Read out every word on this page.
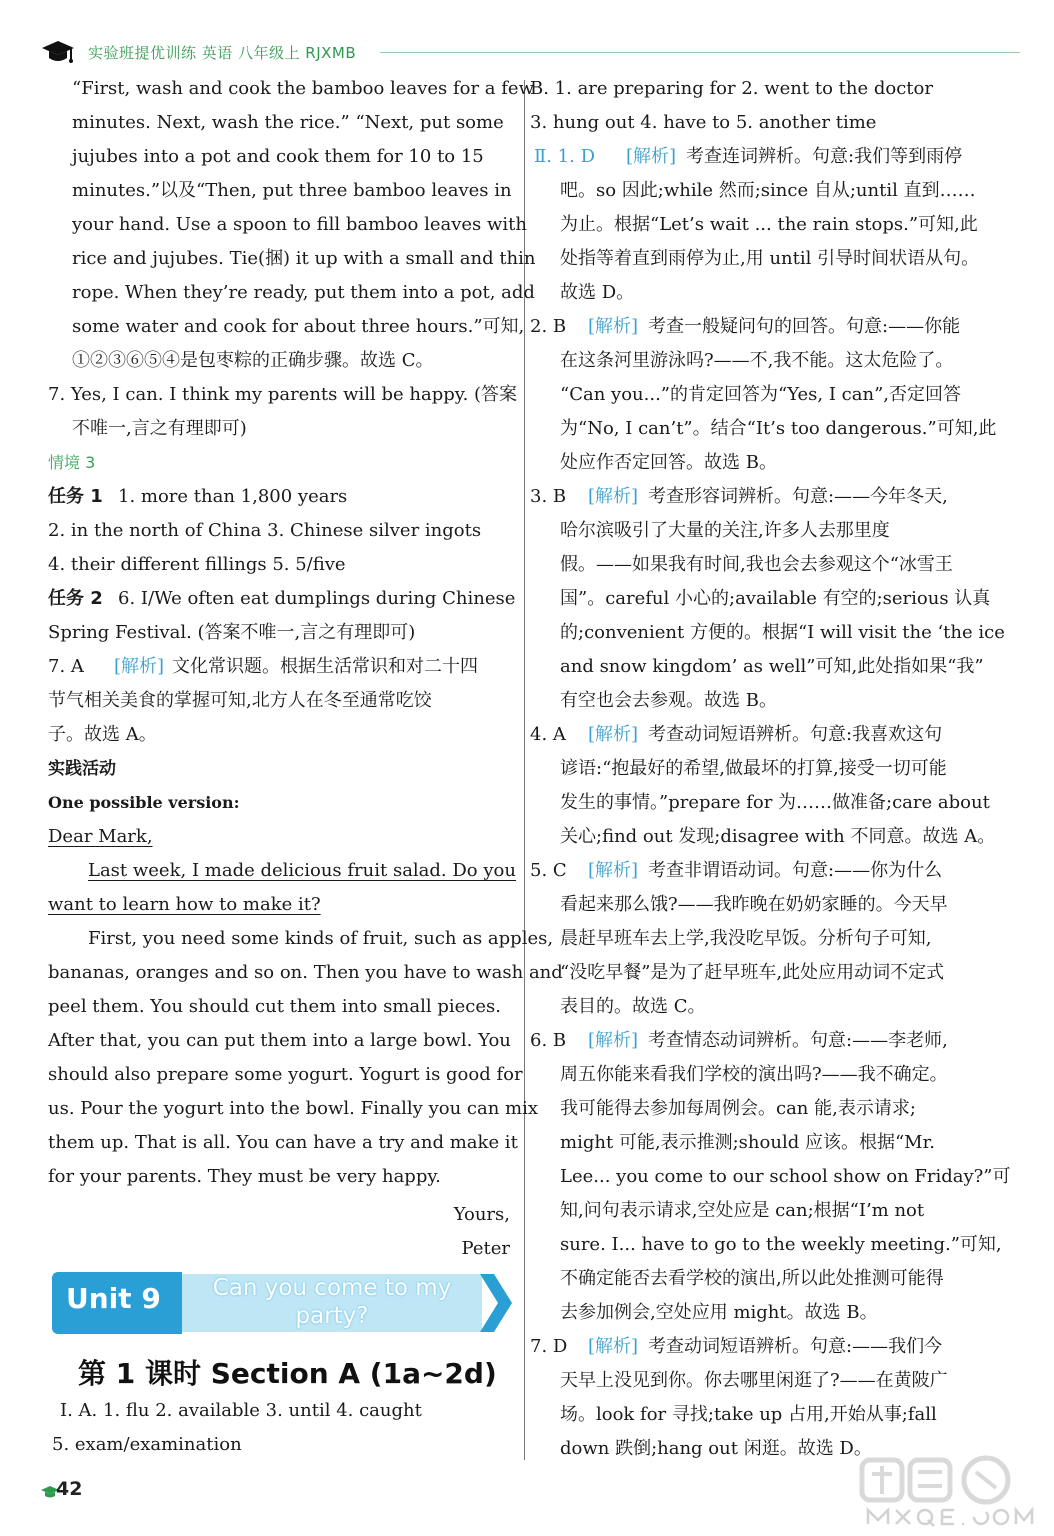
实验班提优训练 英语 八年级上 RJXMB
“First, wash and cook the bamboo leaves for a few
minutes. Next, wash the rice.” “Next, put some
jujubes into a pot and cook them for 10 to 15
minutes.”以及“Then, put three bamboo leaves in
your hand. Use a spoon to fill bamboo leaves with
rice and jujubes. Tie(捆) it up with a small and thin
rope. When they’re ready, put them into a pot, add
some water and cook for about three hours.”可知,
①②③⑥⑤④是包枣粽的正确步骤。故选 C。
7. Yes, I can. I think my parents will be happy. (答案
不唯一,言之有理即可)
情境 3
任务 1 1. more than 1,800 years
2. in the north of China 3. Chinese silver ingots
4. their different fillings 5. 5/five
任务 2 6. I/We often eat dumplings during Chinese
Spring Festival. (答案不唯一,言之有理即可)
7. A [解析] 文化常识题。根据生活常识和对二十四
节气相关美食的掌握可知,北方人在冬至通常吃饺
子。故选 A。
实践活动
One possible version:
Dear Mark,
Last week, I made delicious fruit salad. Do you
want to learn how to make it?
First, you need some kinds of fruit, such as apples,
bananas, oranges and so on. Then you have to wash and
peel them. You should cut them into small pieces.
After that, you can put them into a large bowl. You
should also prepare some yogurt. Yogurt is good for
us. Pour the yogurt into the bowl. Finally you can mix
them up. That is all. You can have a try and make it
for your parents. They must be very happy.
Yours,
Peter
Unit 9	Can you come to my party?
第 1 课时 Section A (1a~2d)
Ⅰ. A. 1. flu 2. available 3. until 4. caught
5. exam/examination
B. 1. are preparing for 2. went to the doctor
3. hung out 4. have to 5. another time
Ⅱ. 1. D [解析] 考查连词辨析。句意:我们等到雨停
吧。so 因此;while 然而;since 自从;until 直到……
为止。根据“Let’s wait ... the rain stops.”可知,此
处指等着直到雨停为止,用 until 引导时间状语从句。
故选 D。
2. B [解析] 考查一般疑问句的回答。句意:——你能
在这条河里游泳吗?——不,我不能。这太危险了。
“Can you...”的肯定回答为“Yes, I can”,否定回答
为“No, I can’t”。结合“It’s too dangerous.”可知,此
处应作否定回答。故选 B。
3. B [解析] 考查形容词辨析。句意:——今年冬天,
哈尔滨吸引了大量的关注,许多人去那里度
假。——如果我有时间,我也会去参观这个“冰雪王
国”。careful 小心的;available 有空的;serious 认真
的;convenient 方便的。根据“I will visit the ‘the ice
and snow kingdom’ as well”可知,此处指如果“我”
有空也会去参观。故选 B。
4. A [解析] 考查动词短语辨析。句意:我喜欢这句
谚语:“抱最好的希望,做最坏的打算,接受一切可能
发生的事情。”prepare for 为……做准备;care about
关心;find out 发现;disagree with 不同意。故选 A。
5. C [解析] 考查非谓语动词。句意:——你为什么
看起来那么饿?——我昨晚在奶奶家睡的。今天早
晨赶早班车去上学,我没吃早饭。分析句子可知,
“没吃早餐”是为了赶早班车,此处应用动词不定式
表目的。故选 C。
6. B [解析] 考查情态动词辨析。句意:——李老师,
周五你能来看我们学校的演出吗?——我不确定。
我可能得去参加每周例会。can 能,表示请求;
might 可能,表示推测;should 应该。根据“Mr.
Lee... you come to our school show on Friday?”可
知,问句表示请求,空处应是 can;根据“I’m not
sure. I... have to go to the weekly meeting.”可知,
不确定能否去看学校的演出,所以此处推测可能得
去参加例会,空处应用 might。故选 B。
7. D [解析] 考查动词短语辨析。句意:——我们今
天早上没见到你。你去哪里闲逛了?——在黄陂广
场。look for 寻找;take up 占用,开始从事;fall
down 跌倒;hang out 闲逛。故选 D。
42
